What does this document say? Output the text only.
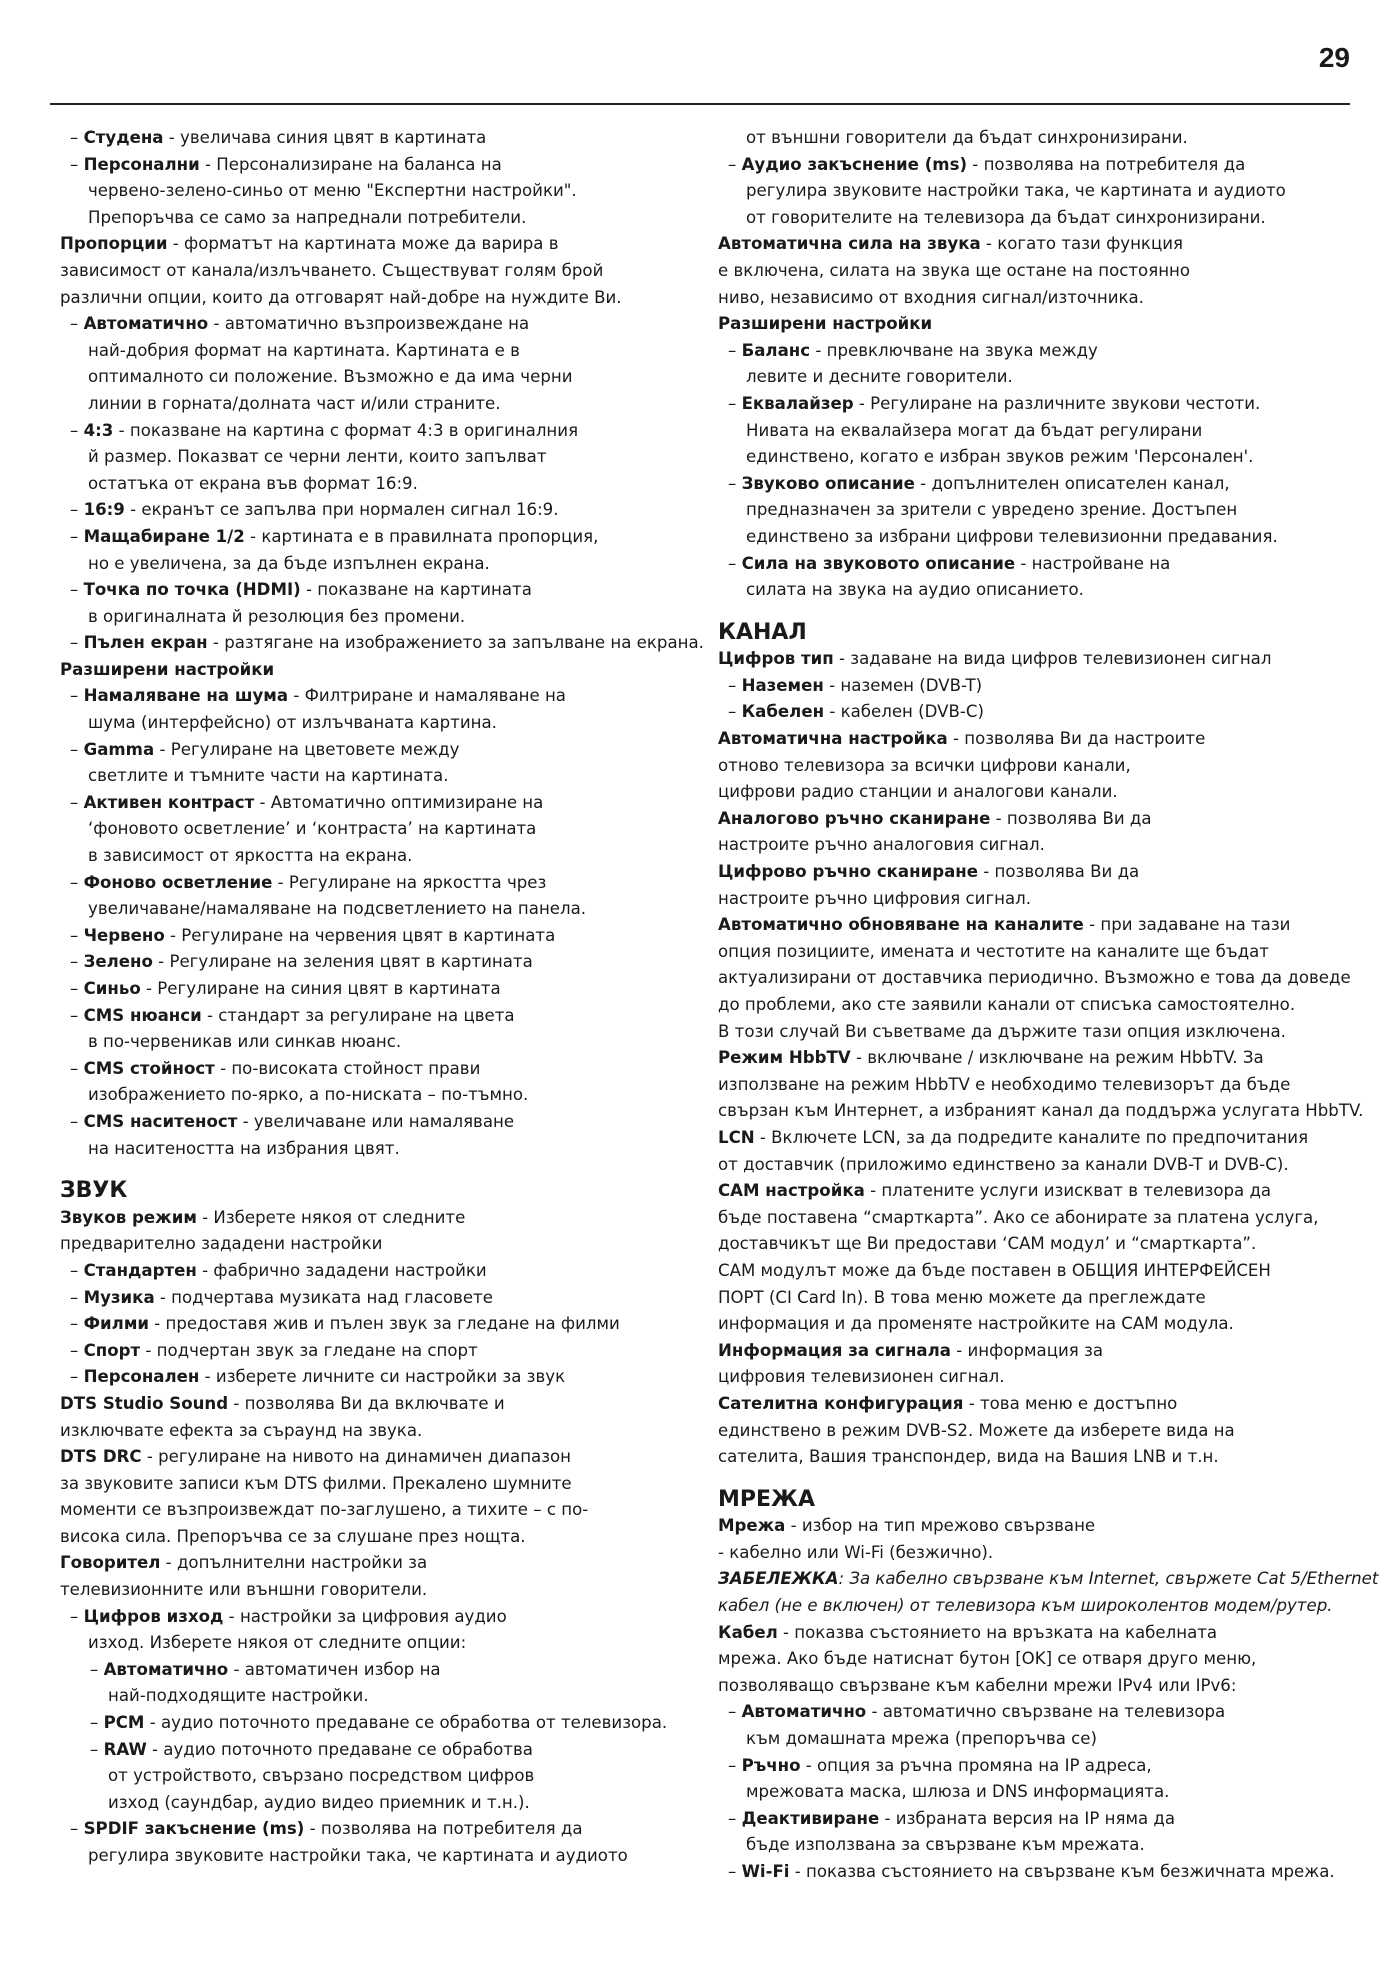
29
– Студена - увеличава синия цвят в картината
– Персонални - Персонализиране на баланса на
червено-зелено-синьо от меню "Експертни настройки".
Препоръчва се само за напреднали потребители.
Пропорции - форматът на картината може да варира в
зависимост от канала/излъчването. Съществуват голям брой
различни опции, които да отговарят най-добре на нуждите Ви.
– Автоматично - автоматично възпроизвеждане на
най-добрия формат на картината. Картината е в
оптималното си положение. Възможно е да има черни
линии в горната/долната част и/или страните.
– 4:3 - показване на картина с формат 4:3 в оригиналния
й размер. Показват се черни ленти, които запълват
остатъка от екрана във формат 16:9.
– 16:9 - екранът се запълва при нормален сигнал 16:9.
– Мащабиране 1/2 - картината е в правилната пропорция,
но е увеличена, за да бъде изпълнен екрана.
– Точка по точка (HDMI) - показване на картината
в оригиналната й резолюция без промени.
– Пълен екран - разтягане на изображението за запълване на екрана.
Разширени настройки
– Намаляване на шума - Филтриране и намаляване на
шума (интерфейсно) от излъчваната картина.
– Gamma - Регулиране на цветовете между
светлите и тъмните части на картината.
– Активен контраст - Автоматично оптимизиране на
‘фоновото осветление’ и ‘контраста’ на картината
в зависимост от яркостта на екрана.
– Фоново осветление - Регулиране на яркостта чрез
увеличаване/намаляване на подсветлението на панела.
– Червено - Регулиране на червения цвят в картината
– Зелено - Регулиране на зеления цвят в картината
– Синьо - Регулиране на синия цвят в картината
– CMS нюанси - стандарт за регулиране на цвета
в по-червеникав или синкав нюанс.
– CMS стойност - по-високата стойност прави
изображението по-ярко, а по-ниската – по-тъмно.
– CMS наситеност - увеличаване или намаляване
на наситеността на избрания цвят.
ЗВУК
Звуков режим - Изберете някоя от следните
предварително зададени настройки
– Стандартен - фабрично зададени настройки
– Музика - подчертава музиката над гласовете
– Филми - предоставя жив и пълен звук за гледане на филми
– Спорт - подчертан звук за гледане на спорт
– Персонален - изберете личните си настройки за звук
DTS Studio Sound - позволява Ви да включвате и
изключвате ефекта за съраунд на звука.
DTS DRC - регулиране на нивото на динамичен диапазон
за звуковите записи към DTS филми. Прекалено шумните
моменти се възпроизвеждат по-заглушено, а тихите – с по-
висока сила. Препоръчва се за слушане през нощта.
Говорител - допълнителни настройки за
телевизионните или външни говорители.
– Цифров изход - настройки за цифровия аудио
изход. Изберете някоя от следните опции:
– Автоматично - автоматичен избор на
най-подходящите настройки.
– PCM - аудио поточното предаване се обработва от телевизора.
– RAW - аудио поточното предаване се обработва
от устройството, свързано посредством цифров
изход (саундбар, аудио видео приемник и т.н.).
– SPDIF закъснение (ms) - позволява на потребителя да
регулира звуковите настройки така, че картината и аудиото
от външни говорители да бъдат синхронизирани.
– Аудио закъснение (ms) - позволява на потребителя да
регулира звуковите настройки така, че картината и аудиото
от говорителите на телевизора да бъдат синхронизирани.
Автоматична сила на звука - когато тази функция
е включена, силата на звука ще остане на постоянно
ниво, независимо от входния сигнал/източника.
Разширени настройки
– Баланс - превключване на звука между
левите и десните говорители.
– Еквалайзер - Регулиране на различните звукови честоти.
Нивата на еквалайзера могат да бъдат регулирани
единствено, когато е избран звуков режим 'Персонален'.
– Звуково описание - допълнителен описателен канал,
предназначен за зрители с увредено зрение. Достъпен
единствено за избрани цифрови телевизионни предавания.
– Сила на звуковото описание - настройване на
силата на звука на аудио описанието.
КАНАЛ
Цифров тип - задаване на вида цифров телевизионен сигнал
– Наземен - наземен (DVB-T)
– Кабелен - кабелен (DVB-C)
Автоматична настройка - позволява Ви да настроите
отново телевизора за всички цифрови канали,
цифрови радио станции и аналогови канали.
Аналогово ръчно сканиране - позволява Ви да
настроите ръчно аналоговия сигнал.
Цифрово ръчно сканиране - позволява Ви да
настроите ръчно цифровия сигнал.
Автоматично обновяване на каналите - при задаване на тази
опция позициите, имената и честотите на каналите ще бъдат
актуализирани от доставчика периодично. Възможно е това да доведе
до проблеми, ако сте заявили канали от списъка самостоятелно.
В този случай Ви съветваме да държите тази опция изключена.
Режим HbbTV - включване / изключване на режим HbbTV. За
използване на режим HbbTV е необходимо телевизорът да бъде
свързан към Интернет, а избраният канал да поддържа услугата HbbTV.
LCN - Включете LCN, за да подредите каналите по предпочитания
от доставчик (приложимо единствено за канали DVB-T и DVB-C).
CAM настройка - платените услуги изискват в телевизора да
бъде поставена “смарткарта”. Ако се абонирате за платена услуга,
доставчикът ще Ви предостави ‘CAM модул’ и “смарткарта”.
CAM модулът може да бъде поставен в ОБЩИЯ ИНТЕРФЕЙСЕН
ПОРТ (CI Card In). В това меню можете да преглеждате
информация и да променяте настройките на CAM модула.
Информация за сигнала - информация за
цифровия телевизионен сигнал.
Сателитна конфигурация - това меню е достъпно
единствено в режим DVB-S2. Можете да изберете вида на
сателита, Вашия транспондер, вида на Вашия LNB и т.н.
МРЕЖА
Мрежа - избор на тип мрежово свързване
- кабелно или Wi-Fi (безжично).
ЗАБЕЛЕЖКА: За кабелно свързване към Internet, свържете Cat 5/Ethernet
кабел (не е включен) от телевизора към широколентов модем/рутер.
Кабел - показва състоянието на връзката на кабелната
мрежа. Ако бъде натиснат бутон [OK] се отваря друго меню,
позволяващо свързване към кабелни мрежи IPv4 или IPv6:
– Автоматично - автоматично свързване на телевизора
към домашната мрежа (препоръчва се)
– Ръчно - опция за ръчна промяна на IP адреса,
мрежовата маска, шлюза и DNS информацията.
– Деактивиране - избраната версия на IP няма да
бъде използвана за свързване към мрежата.
– Wi-Fi - показва състоянието на свързване към безжичната мрежа.
